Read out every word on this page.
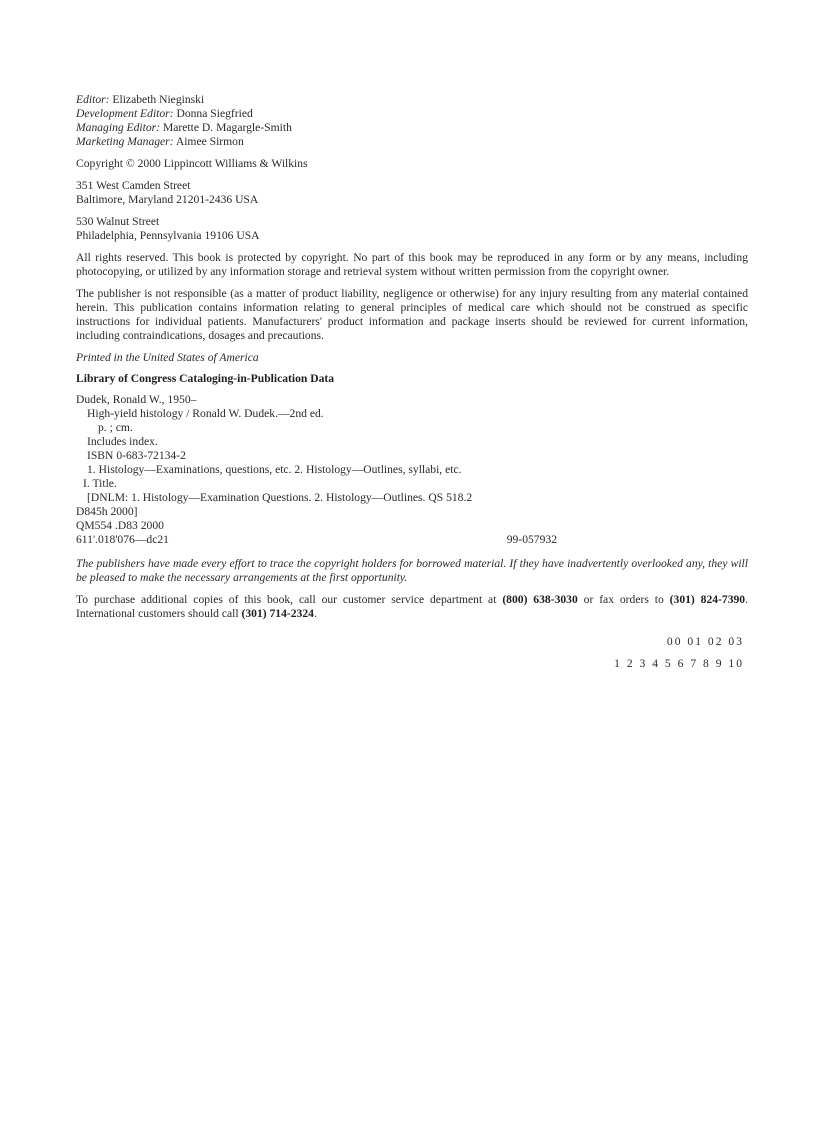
Editor: Elizabeth Nieginski
Development Editor: Donna Siegfried
Managing Editor: Marette D. Magargle-Smith
Marketing Manager: Aimee Sirmon
Copyright © 2000 Lippincott Williams & Wilkins
351 West Camden Street
Baltimore, Maryland 21201-2436 USA
530 Walnut Street
Philadelphia, Pennsylvania 19106 USA

All rights reserved. This book is protected by copyright. No part of this book may be reproduced in any form or by any means, including photocopying, or utilized by any information storage and retrieval system without written permission from the copyright owner.

The publisher is not responsible (as a matter of product liability, negligence or otherwise) for any injury resulting from any material contained herein. This publication contains information relating to general principles of medical care which should not be construed as specific instructions for individual patients. Manufacturers' product information and package inserts should be reviewed for current information, including contraindications, dosages and precautions.

Printed in the United States of America

Library of Congress Cataloging-in-Publication Data
Dudek, Ronald W., 1950–
High-yield histology / Ronald W. Dudek.—2nd ed.
p. ; cm.
Includes index.
ISBN 0-683-72134-2
1. Histology—Examinations, questions, etc. 2. Histology—Outlines, syllabi, etc.
I. Title.
[DNLM: 1. Histology—Examination Questions. 2. Histology—Outlines. QS 518.2
D845h 2000]
QM554 .D83 2000
611'.018'076—dc21	99-057932

The publishers have made every effort to trace the copyright holders for borrowed material. If they have inadvertently overlooked any, they will be pleased to make the necessary arrangements at the first opportunity.

To purchase additional copies of this book, call our customer service department at (800) 638-3030 or fax orders to (301) 824-7390. International customers should call (301) 714-2324.

00 01 02 03
1 2 3 4 5 6 7 8 9 10
